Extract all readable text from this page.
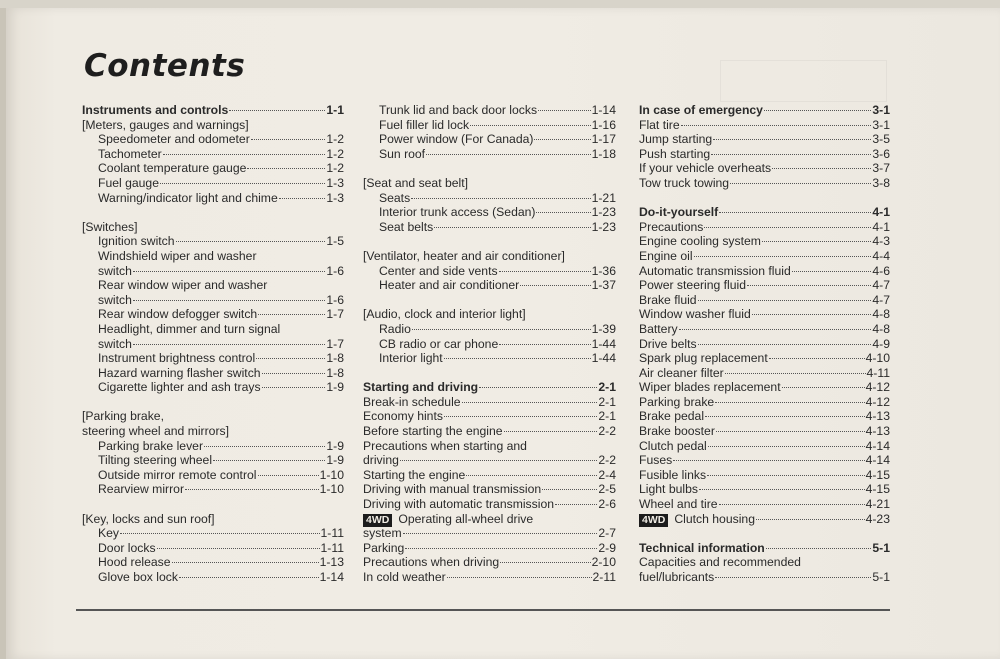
Contents
Instruments and controls	1-1
[Meters, gauges and warnings]
Speedometer and odometer	1-2
Tachometer	1-2
Coolant temperature gauge	1-2
Fuel gauge	1-3
Warning/indicator light and chime	1-3
[Switches]
Ignition switch	1-5
Windshield wiper and washer
switch	1-6
Rear window wiper and washer
switch	1-6
Rear window defogger switch	1-7
Headlight, dimmer and turn signal
switch	1-7
Instrument brightness control	1-8
Hazard warning flasher switch	1-8
Cigarette lighter and ash trays	1-9
[Parking brake,
steering wheel and mirrors]
Parking brake lever	1-9
Tilting steering wheel	1-9
Outside mirror remote control	1-10
Rearview mirror	1-10
[Key, locks and sun roof]
Key	1-11
Door locks	1-11
Hood release	1-13
Glove box lock	1-14
Trunk lid and back door locks	1-14
Fuel filler lid lock	1-16
Power window (For Canada)	1-17
Sun roof	1-18
[Seat and seat belt]
Seats	1-21
Interior trunk access (Sedan)	1-23
Seat belts	1-23
[Ventilator, heater and air conditioner]
Center and side vents	1-36
Heater and air conditioner	1-37
[Audio, clock and interior light]
Radio	1-39
CB radio or car phone	1-44
Interior light	1-44
Starting and driving	2-1
Break-in schedule	2-1
Economy hints	2-1
Before starting the engine	2-2
Precautions when starting and
driving	2-2
Starting the engine	2-4
Driving with manual transmission	2-5
Driving with automatic transmission	2-6
4WD Operating all-wheel drive
system	2-7
Parking	2-9
Precautions when driving	2-10
In cold weather	2-11
In case of emergency	3-1
Flat tire	3-1
Jump starting	3-5
Push starting	3-6
If your vehicle overheats	3-7
Tow truck towing	3-8
Do-it-yourself	4-1
Precautions	4-1
Engine cooling system	4-3
Engine oil	4-4
Automatic transmission fluid	4-6
Power steering fluid	4-7
Brake fluid	4-7
Window washer fluid	4-8
Battery	4-8
Drive belts	4-9
Spark plug replacement	4-10
Air cleaner filter	4-11
Wiper blades replacement	4-12
Parking brake	4-12
Brake pedal	4-13
Brake booster	4-13
Clutch pedal	4-14
Fuses	4-14
Fusible links	4-15
Light bulbs	4-15
Wheel and tire	4-21
4WD Clutch housing	4-23
Technical information	5-1
Capacities and recommended
fuel/lubricants	5-1
